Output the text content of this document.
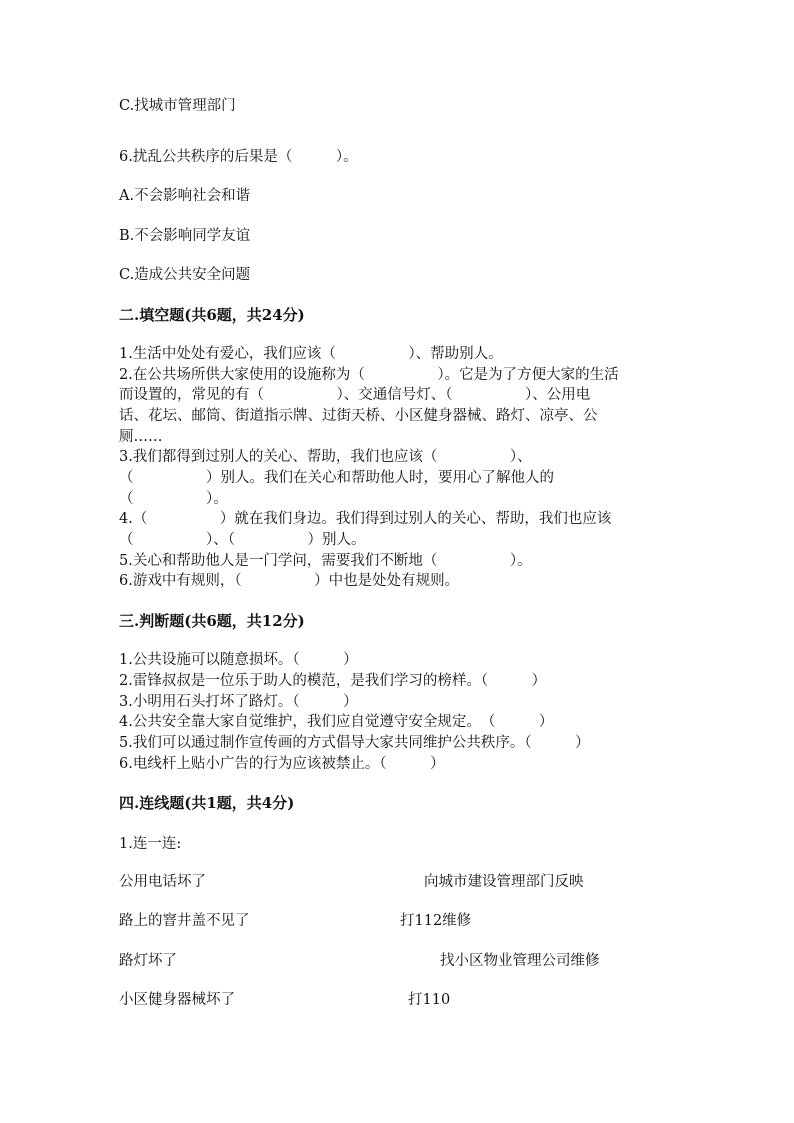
C.找城市管理部门
6.扰乱公共秩序的后果是（　　　）。
A.不会影响社会和谐
B.不会影响同学友谊
C.造成公共安全问题
二.填空题(共6题，共24分)
1.生活中处处有爱心，我们应该（　　　　　）、帮助别人。
2.在公共场所供大家使用的设施称为（　　　　　）。它是为了方便大家的生活
而设置的，常见的有（　　　　　）、交通信号灯、（　　　　　）、公用电
话、花坛、邮筒、街道指示牌、过街天桥、小区健身器械、路灯、凉亭、公
厕……
3.我们都得到过别人的关心、帮助，我们也应该（　　　　　）、
（　　　　　）别人。我们在关心和帮助他人时，要用心了解他人的
（　　　　　）。
4.（　　　　　）就在我们身边。我们得到过别人的关心、帮助，我们也应该
（　　　　　）、（　　　　　）别人。
5.关心和帮助他人是一门学问，需要我们不断地（　　　　　）。
6.游戏中有规则，（　　　　　）中也是处处有规则。
三.判断题(共6题，共12分)
1.公共设施可以随意损坏。（　　　）
2.雷锋叔叔是一位乐于助人的模范，是我们学习的榜样。（　　　）
3.小明用石头打坏了路灯。（　　　）
4.公共安全靠大家自觉维护，我们应自觉遵守安全规定。　（　　　）
5.我们可以通过制作宣传画的方式倡导大家共同维护公共秩序。（　　　）
6.电线杆上贴小广告的行为应该被禁止。（　　　）
四.连线题(共1题，共4分)
1.连一连:
公用电话坏了	向城市建设管理部门反映
路上的窨井盖不见了	打112维修
路灯坏了	找小区物业管理公司维修
小区健身器械坏了	打110
